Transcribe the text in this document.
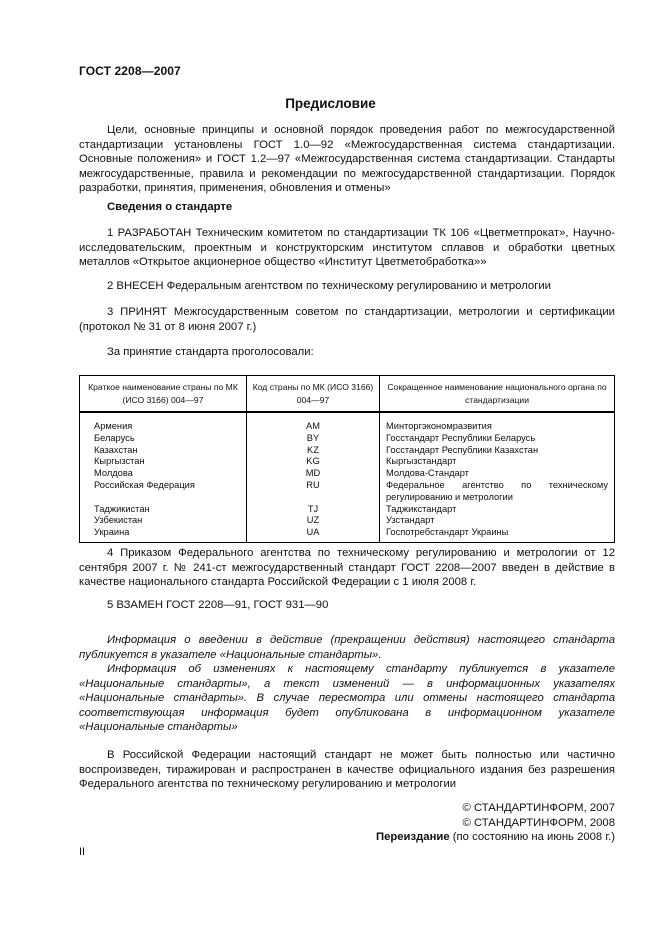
ГОСТ 2208—2007
Предисловие

Цели, основные принципы и основной порядок проведения работ по межгосударственной стандартизации установлены ГОСТ 1.0—92 «Межгосударственная система стандартизации. Основные положения» и ГОСТ 1.2—97 «Межгосударственная система стандартизации. Стандарты межгосударственные, правила и рекомендации по межгосударственной стандартизации. Порядок разработки, принятия, применения, обновления и отмены»

Сведения о стандарте

1 РАЗРАБОТАН Техническим комитетом по стандартизации ТК 106 «Цветметпрокат», Научно-исследовательским, проектным и конструкторским институтом сплавов и обработки цветных металлов «Открытое акционерное общество «Институт Цветметобработка»»

2 ВНЕСЕН Федеральным агентством по техническому регулированию и метрологии

3 ПРИНЯТ Межгосударственным советом по стандартизации, метрологии и сертификации (протокол № 31 от 8 июня 2007 г.)

За принятие стандарта проголосовали:

Краткое наименование страны по МК (ИСО 3166) 004—97	Код страны по МК (ИСО 3166) 004—97	Сокращенное наименование национального органа по стандартизации
Армения	AM	Минторгэкономразвития
Беларусь	BY	Госстандарт Республики Беларусь
Казахстан	KZ	Госстандарт Республики Казахстан
Кыргызстан	KG	Кыргызстандарт
Молдова	MD	Молдова-Стандарт
Российская Федерация	RU	Федеральное агентство по техническому регулированию и метрологии
Таджикистан	TJ	Таджикстандарт
Узбекистан	UZ	Узстандарт
Украина	UA	Госпотребстандарт Украины

4 Приказом Федерального агентства по техническому регулированию и метрологии от 12 сентября 2007 г. № 241-ст межгосударственный стандарт ГОСТ 2208—2007 введен в действие в качестве национального стандарта Российской Федерации с 1 июля 2008 г.

5 ВЗАМЕН ГОСТ 2208—91, ГОСТ 931—90

Информация о введении в действие (прекращении действия) настоящего стандарта публикуется в указателе «Национальные стандарты».

Информация об изменениях к настоящему стандарту публикуется в указателе «Национальные стандарты», а текст изменений — в информационных указателях «Национальные стандарты». В случае пересмотра или отмены настоящего стандарта соответствующая информация будет опубликована в информационном указателе «Национальные стандарты»

В Российской Федерации настоящий стандарт не может быть полностью или частично воспроизведен, тиражирован и распространен в качестве официального издания без разрешения Федерального агентства по техническому регулированию и метрологии

© СТАНДАРТИНФОРМ, 2007
© СТАНДАРТИНФОРМ, 2008
Переиздание (по состоянию на июнь 2008 г.)
II
